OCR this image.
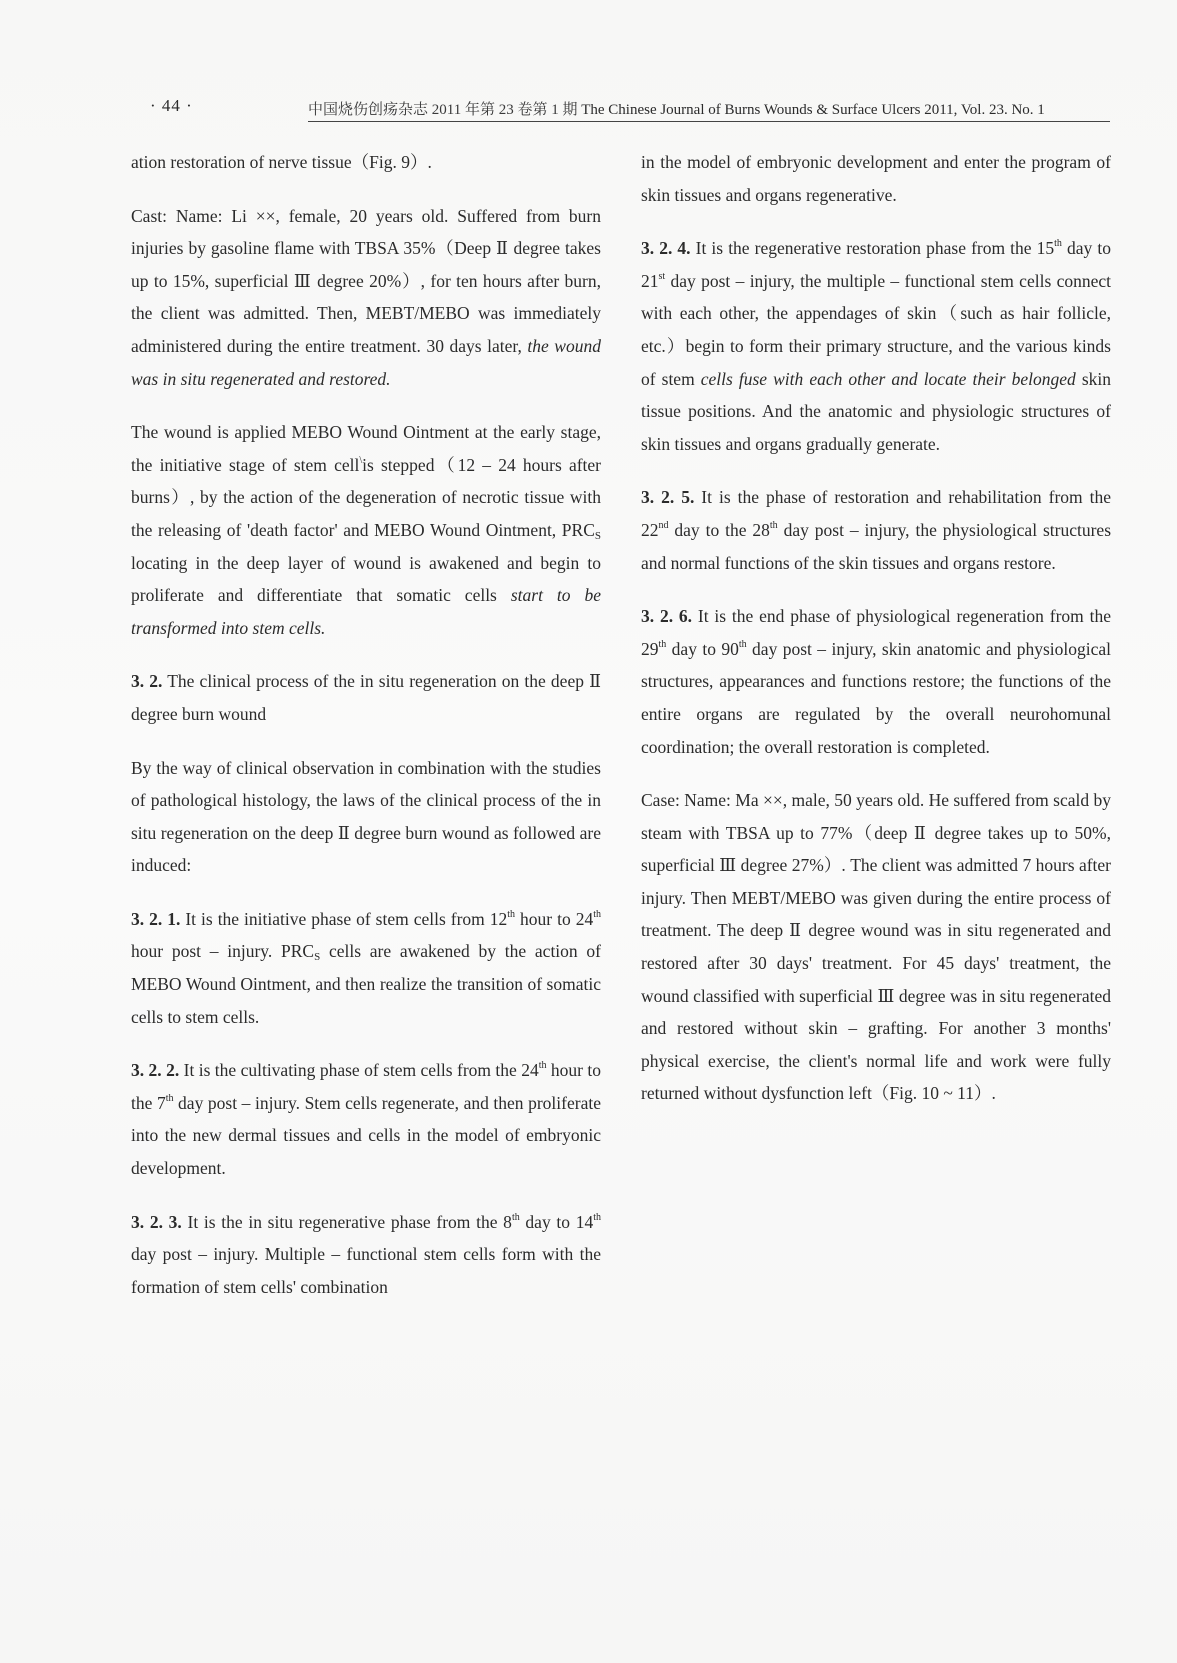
· 44 ·	中国烧伤创疡杂志 2011 年第 23 卷第 1 期 The Chinese Journal of Burns Wounds & Surface Ulcers 2011, Vol. 23. No. 1

ation restoration of nerve tissue（Fig. 9）.

Cast: Name: Li ××, female, 20 years old. Suffered from burn injuries by gasoline flame with TBSA 35%（Deep Ⅱ degree takes up to 15%, superficial Ⅲ degree 20%）, for ten hours after burn, the client was admitted. Then, MEBT/MEBO was immediately administered during the entire treatment. 30 days later, the wound was in situ regenerated and restored.

The wound is applied MEBO Wound Ointment at the early stage, the initiative stage of stem cell\is stepped（12 – 24 hours after burns）, by the action of the degeneration of necrotic tissue with the releasing of 'death factor' and MEBO Wound Ointment, $PRC_S$ locating in the deep layer of wound is awakened and begin to proliferate and differentiate that somatic cells start to be transformed into stem cells.

3. 2. The clinical process of the in situ regeneration on the deep Ⅱ degree burn wound

By the way of clinical observation in combination with the studies of pathological histology, the laws of the clinical process of the in situ regeneration on the deep Ⅱ degree burn wound as followed are induced:

3. 2. 1. It is the initiative phase of stem cells from 12th hour to 24th hour post – injury. $PRC_S$ cells are awakened by the action of MEBO Wound Ointment, and then realize the transition of somatic cells to stem cells.

3. 2. 2. It is the cultivating phase of stem cells from the 24th hour to the 7th day post – injury. Stem cells regenerate, and then proliferate into the new dermal tissues and cells in the model of embryonic development.

3. 2. 3. It is the in situ regenerative phase from the 8th day to 14th day post – injury. Multiple – functional stem cells form with the formation of stem cells' combination

in the model of embryonic development and enter the program of skin tissues and organs regenerative.

3. 2. 4. It is the regenerative restoration phase from the 15th day to 21st day post – injury, the multiple – functional stem cells connect with each other, the appendages of skin（such as hair follicle, etc.）begin to form their primary structure, and the various kinds of stem cells fuse with each other and locate their belonged skin tissue positions. And the anatomic and physiologic structures of skin tissues and organs gradually generate.

3. 2. 5. It is the phase of restoration and rehabilitation from the 22nd day to the 28th day post – injury, the physiological structures and normal functions of the skin tissues and organs restore.

3. 2. 6. It is the end phase of physiological regeneration from the 29th day to 90th day post – injury, skin anatomic and physiological structures, appearances and functions restore; the functions of the entire organs are regulated by the overall neurohomunal coordination; the overall restoration is completed.

Case: Name: Ma ××, male, 50 years old. He suffered from scald by steam with TBSA up to 77%（deep Ⅱ degree takes up to 50%, superficial Ⅲ degree 27%）. The client was admitted 7 hours after injury. Then MEBT/MEBO was given during the entire process of treatment. The deep Ⅱ degree wound was in situ regenerated and restored after 30 days' treatment. For 45 days' treatment, the wound classified with superficial Ⅲ degree was in situ regenerated and restored without skin – grafting. For another 3 months' physical exercise, the client's normal life and work were fully returned without dysfunction left（Fig. 10 ~ 11）.
